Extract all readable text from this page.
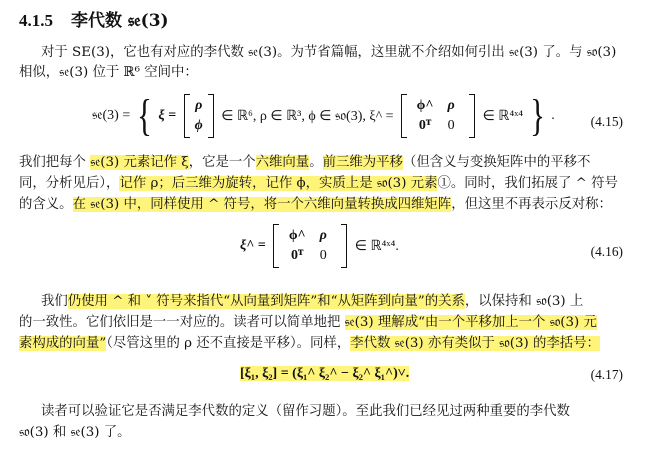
4.1.5 李代数 𝔰𝔢(3)
对于 SE(3)，它也有对应的李代数 𝔰𝔢(3)。为节省篇幅，这里就不介绍如何引出 𝔰𝔢(3) 了。与 𝔰𝔬(3)
相似，𝔰𝔢(3) 位于 ℝ⁶ 空间中：
𝔰𝔢(3) = { ξ =
ρ
ϕ
∈ ℝ⁶, ρ ∈ ℝ³, ϕ ∈ 𝔰𝔬(3), ξ^ =
ϕ^ ρ
0ᵀ 0
∈ ℝ⁴ˣ⁴ } .	(4.15)
我们把每个 𝔰𝔢(3) 元素记作 ξ，它是一个六维向量。前三维为平移（但含义与变换矩阵中的平移不
同，分析见后），记作 ρ；后三维为旋转，记作 ϕ，实质上是 𝔰𝔬(3) 元素①。同时，我们拓展了 ^ 符号
的含义。在 𝔰𝔢(3) 中，同样使用 ^ 符号，将一个六维向量转换成四维矩阵，但这里不再表示反对称：
ξ^ =
ϕ^ ρ
0ᵀ 0
∈ ℝ⁴ˣ⁴.	(4.16)
我们仍使用 ^ 和 ˅ 符号来指代“从向量到矩阵”和“从矩阵到向量”的关系，以保持和 𝔰𝔬(3) 上
的一致性。它们依旧是一一对应的。读者可以简单地把 𝔰𝔢(3) 理解成“由一个平移加上一个 𝔰𝔬(3) 元
素构成的向量”（尽管这里的 ρ 还不直接是平移）。同样，李代数 𝔰𝔢(3) 亦有类似于 𝔰𝔬(3) 的李括号：
[ξ₁, ξ₂] = (ξ₁^ ξ₂^ − ξ₂^ ξ₁^)˅.	(4.17)
读者可以验证它是否满足李代数的定义（留作习题）。至此我们已经见过两种重要的李代数
𝔰𝔬(3) 和 𝔰𝔢(3) 了。
